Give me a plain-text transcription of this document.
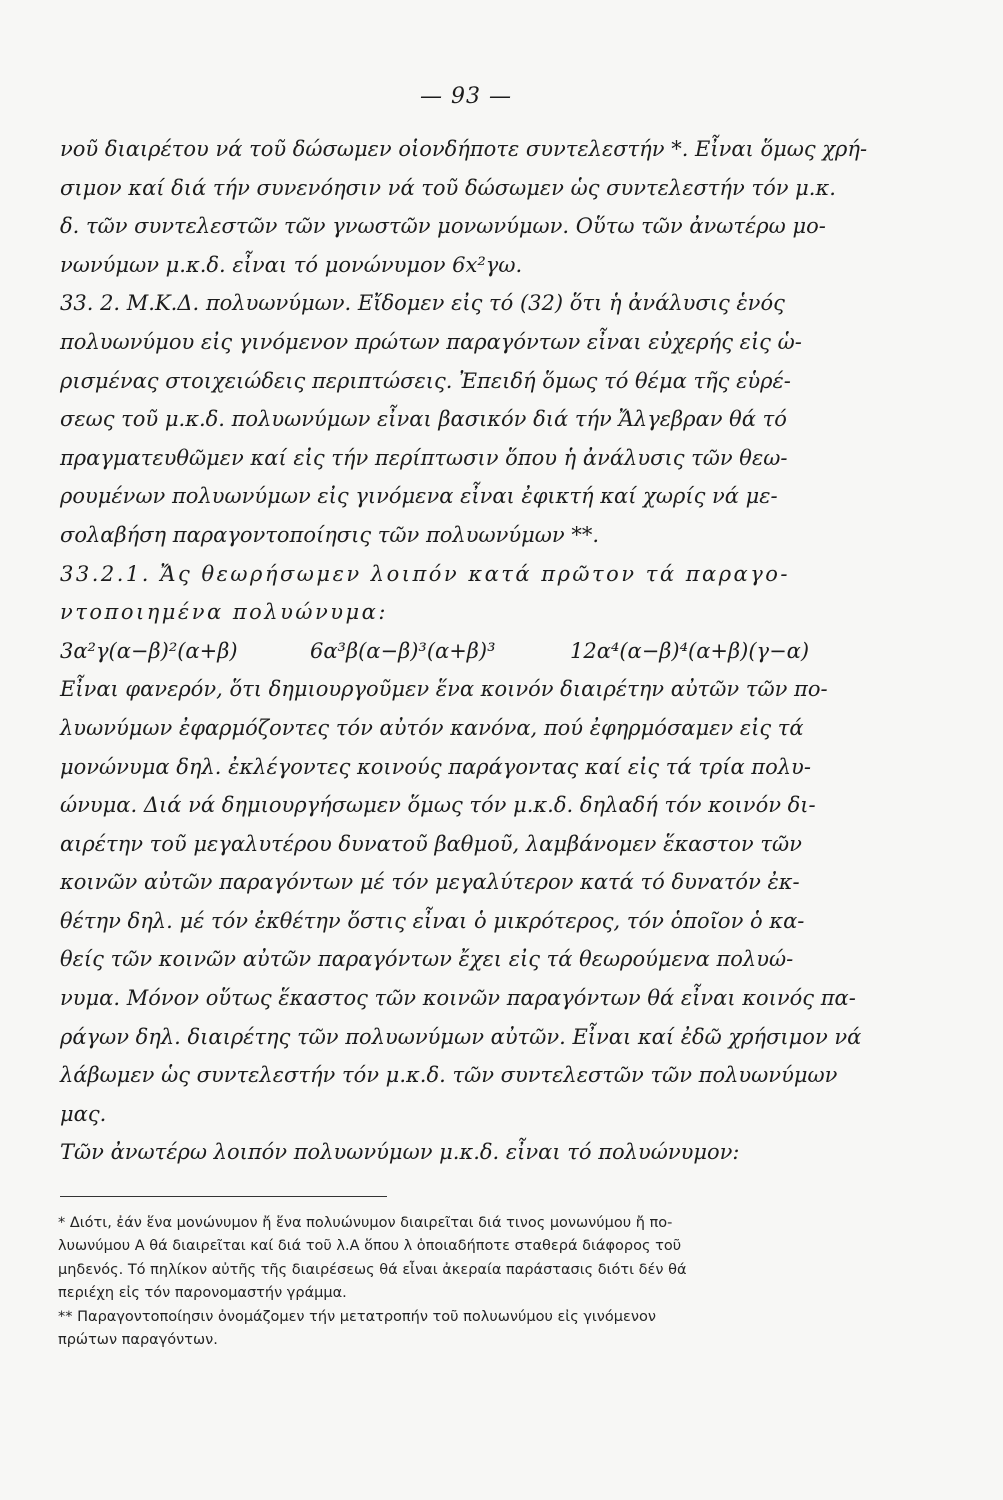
— 93 —
νοῦ διαιρέτου νά τοῦ δώσωμεν οἱονδήποτε συντελεστήν *. Εἶναι ὅμως χρή-
σιμον καί διά τήν συνενόησιν νά τοῦ δώσωμεν ὡς συντελεστήν τόν μ.κ.
δ. τῶν συντελεστῶν τῶν γνωστῶν μονωνύμων. Οὕτω τῶν ἀνωτέρω μο-
νωνύμων μ.κ.δ. εἶναι τό μονώνυμον 6x²γω.
33. 2. Μ.Κ.Δ. πολυωνύμων. Εἴδομεν εἰς τό (32) ὅτι ἡ ἀνάλυσις ἑνός
πολυωνύμου εἰς γινόμενον πρώτων παραγόντων εἶναι εὐχερής εἰς ὡ-
ρισμένας στοιχειώδεις περιπτώσεις. Ἐπειδή ὅμως τό θέμα τῆς εὑρέ-
σεως τοῦ μ.κ.δ. πολυωνύμων εἶναι βασικόν διά τήν Ἄλγεβραν θά τό
πραγματευθῶμεν καί εἰς τήν περίπτωσιν ὅπου ἡ ἀνάλυσις τῶν θεω-
ρουμένων πολυωνύμων εἰς γινόμενα εἶναι ἐφικτή καί χωρίς νά με-
σολαβήση παραγοντοποίησις τῶν πολυωνύμων **.
33.2.1. Ἄς θεωρήσωμεν λοιπόν κατά πρῶτον τά παραγο-
ντοποιημένα πολυώνυμα:
3α²γ(α−β)²(α+β)	6α³β(α−β)³(α+β)³	12α⁴(α−β)⁴(α+β)(γ−α)
Εἶναι φανερόν, ὅτι δημιουργοῦμεν ἕνα κοινόν διαιρέτην αὐτῶν τῶν πο-
λυωνύμων ἐφαρμόζοντες τόν αὐτόν κανόνα, πού ἐφηρμόσαμεν εἰς τά
μονώνυμα δηλ. ἐκλέγοντες κοινούς παράγοντας καί εἰς τά τρία πολυ-
ώνυμα. Διά νά δημιουργήσωμεν ὅμως τόν μ.κ.δ. δηλαδή τόν κοινόν δι-
αιρέτην τοῦ μεγαλυτέρου δυνατοῦ βαθμοῦ, λαμβάνομεν ἕκαστον τῶν
κοινῶν αὐτῶν παραγόντων μέ τόν μεγαλύτερον κατά τό δυνατόν ἐκ-
θέτην δηλ. μέ τόν ἐκθέτην ὅστις εἶναι ὁ μικρότερος, τόν ὁποῖον ὁ κα-
θείς τῶν κοινῶν αὐτῶν παραγόντων ἔχει εἰς τά θεωρούμενα πολυώ-
νυμα. Μόνον οὕτως ἕκαστος τῶν κοινῶν παραγόντων θά εἶναι κοινός πα-
ράγων δηλ. διαιρέτης τῶν πολυωνύμων αὐτῶν. Εἶναι καί ἐδῶ χρήσιμον νά
λάβωμεν ὡς συντελεστήν τόν μ.κ.δ. τῶν συντελεστῶν τῶν πολυωνύμων
μας.
Τῶν ἀνωτέρω λοιπόν πολυωνύμων μ.κ.δ. εἶναι τό πολυώνυμον:
* Διότι, ἐάν ἕνα μονώνυμον ἤ ἕνα πολυώνυμον διαιρεῖται διά τινος μονωνύμου ἤ πο-
λυωνύμου Α θά διαιρεῖται καί διά τοῦ λ.Α ὅπου λ ὁποιαδήποτε σταθερά διάφορος τοῦ
μηδενός. Τό πηλίκον αὐτῆς τῆς διαιρέσεως θά εἶναι ἀκεραία παράστασις διότι δέν θά
περιέχη εἰς τόν παρονομαστήν γράμμα.
** Παραγοντοποίησιν ὀνομάζομεν τήν μετατροπήν τοῦ πολυωνύμου εἰς γινόμενον
πρώτων παραγόντων.
